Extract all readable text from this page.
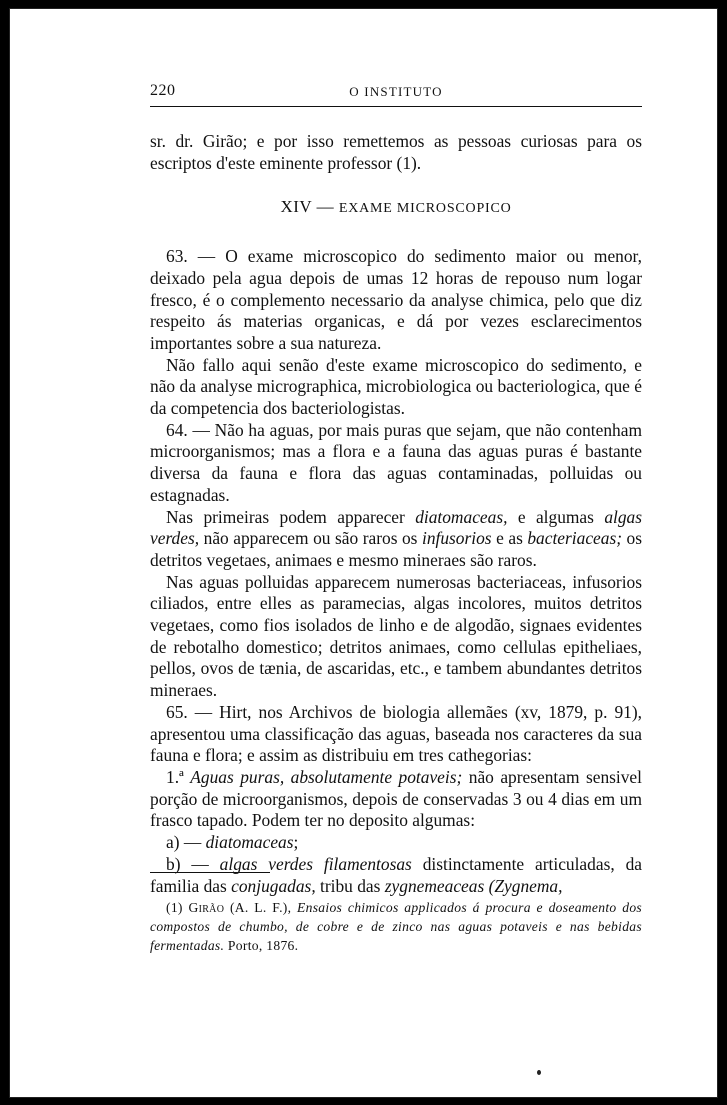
220	O INSTITUTO

sr. dr. Girão; e por isso remettemos as pessoas curiosas para os escriptos d'este eminente professor (1).

XIV — EXAME MICROSCOPICO

63. — O exame microscopico do sedimento maior ou menor, deixado pela agua depois de umas 12 horas de repouso num logar fresco, é o complemento necessario da analyse chimica, pelo que diz respeito ás materias organicas, e dá por vezes esclarecimentos importantes sobre a sua natureza.

Não fallo aqui senão d'este exame microscopico do sedimento, e não da analyse micrographica, microbiologica ou bacteriologica, que é da competencia dos bacteriologistas.

64. — Não ha aguas, por mais puras que sejam, que não contenham microorganismos; mas a flora e a fauna das aguas puras é bastante diversa da fauna e flora das aguas contaminadas, polluidas ou estagnadas.

Nas primeiras podem apparecer diatomaceas, e algumas algas verdes, não apparecem ou são raros os infusorios e as bacteriaceas; os detritos vegetaes, animaes e mesmo mineraes são raros.

Nas aguas polluidas apparecem numerosas bacteriaceas, infusorios ciliados, entre elles as paramecias, algas incolores, muitos detritos vegetaes, como fios isolados de linho e de algodão, signaes evidentes de rebotalho domestico; detritos animaes, como cellulas epitheliaes, pellos, ovos de tænia, de ascaridas, etc., e tambem abundantes detritos mineraes.

65. — Hirt, nos Archivos de biologia allemães (xv, 1879, p. 91), apresentou uma classificação das aguas, baseada nos caracteres da sua fauna e flora; e assim as distribuiu em tres cathegorias:

1.ª Aguas puras, absolutamente potaveis; não apresentam sensivel porção de microorganismos, depois de conservadas 3 ou 4 dias em um frasco tapado. Podem ter no deposito algumas:

a) — diatomaceas;

b) — algas verdes filamentosas distinctamente articuladas, da familia das conjugadas, tribu das zygnemeaceas (Zygnema,

(1) Girão (A. L. F.), Ensaios chimicos applicados á procura e doseamento dos compostos de chumbo, de cobre e de zinco nas aguas potaveis e nas bebidas fermentadas. Porto, 1876.
